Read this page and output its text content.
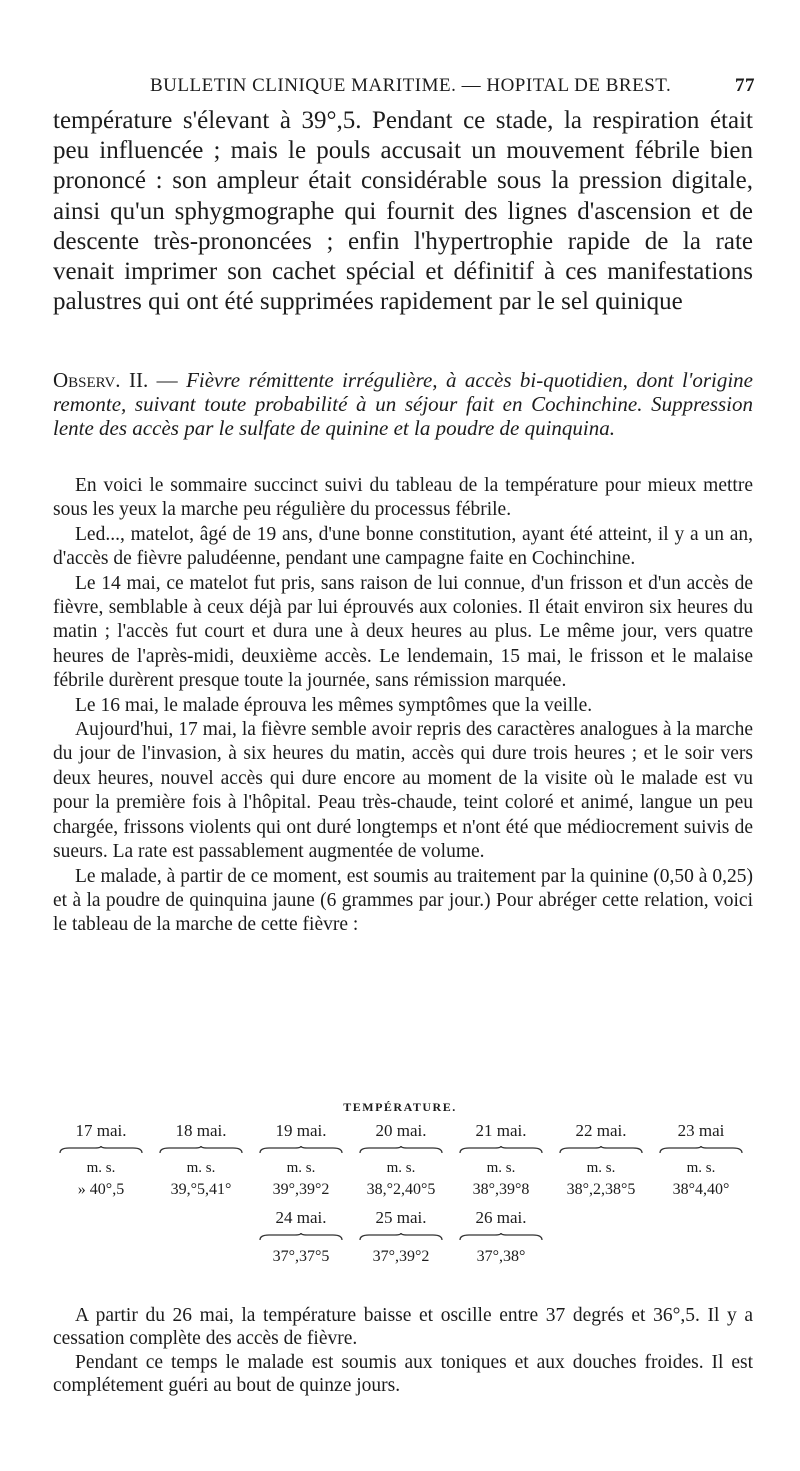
BULLETIN CLINIQUE MARITIME. — HOPITAL DE BREST.	77

température s'élevant à 39°,5. Pendant ce stade, la respiration était peu influencée ; mais le pouls accusait un mouvement fébrile bien prononcé : son ampleur était considérable sous la pression digitale, ainsi qu'un sphygmographe qui fournit des lignes d'ascension et de descente très-prononcées ; enfin l'hypertrophie rapide de la rate venait imprimer son cachet spécial et définitif à ces manifestations palustres qui ont été supprimées rapidement par le sel quinique

Observ. II. — Fièvre rémittente irrégulière, à accès bi-quotidien, dont l'origine remonte, suivant toute probabilité à un séjour fait en Cochinchine. Suppression lente des accès par le sulfate de quinine et la poudre de quinquina.

En voici le sommaire succinct suivi du tableau de la température pour mieux mettre sous les yeux la marche peu régulière du processus fébrile.

Led..., matelot, âgé de 19 ans, d'une bonne constitution, ayant été atteint, il y a un an, d'accès de fièvre paludéenne, pendant une campagne faite en Cochinchine.

Le 14 mai, ce matelot fut pris, sans raison de lui connue, d'un frisson et d'un accès de fièvre, semblable à ceux déjà par lui éprouvés aux colonies. Il était environ six heures du matin ; l'accès fut court et dura une à deux heures au plus. Le même jour, vers quatre heures de l'après-midi, deuxième accès. Le lendemain, 15 mai, le frisson et le malaise fébrile durèrent presque toute la journée, sans rémission marquée.

Le 16 mai, le malade éprouva les mêmes symptômes que la veille.

Aujourd'hui, 17 mai, la fièvre semble avoir repris des caractères analogues à la marche du jour de l'invasion, à six heures du matin, accès qui dure trois heures ; et le soir vers deux heures, nouvel accès qui dure encore au moment de la visite où le malade est vu pour la première fois à l'hôpital. Peau très-chaude, teint coloré et animé, langue un peu chargée, frissons violents qui ont duré longtemps et n'ont été que médiocrement suivis de sueurs. La rate est passablement augmentée de volume.

Le malade, à partir de ce moment, est soumis au traitement par la quinine (0,50 à 0,25) et à la poudre de quinquina jaune (6 grammes par jour.) Pour abréger cette relation, voici le tableau de la marche de cette fièvre :

TEMPÉRATURE.
17 mai.	18 mai.	19 mai.	20 mai.	21 mai.	22 mai.	23 mai
m. s.	m. s.	m. s.	m. s.	m. s.	m. s.	m. s.
» 40°,5	39,°5,41°	39°,39°2	38,°2,40°5	38°,39°8	38°,2,38°5	38°4,40°
24 mai.	25 mai.	26 mai.
37°,37°5	37°,39°2	37°,38°

A partir du 26 mai, la température baisse et oscille entre 37 degrés et 36°,5. Il y a cessation complète des accès de fièvre.

Pendant ce temps le malade est soumis aux toniques et aux douches froides. Il est complétement guéri au bout de quinze jours.
